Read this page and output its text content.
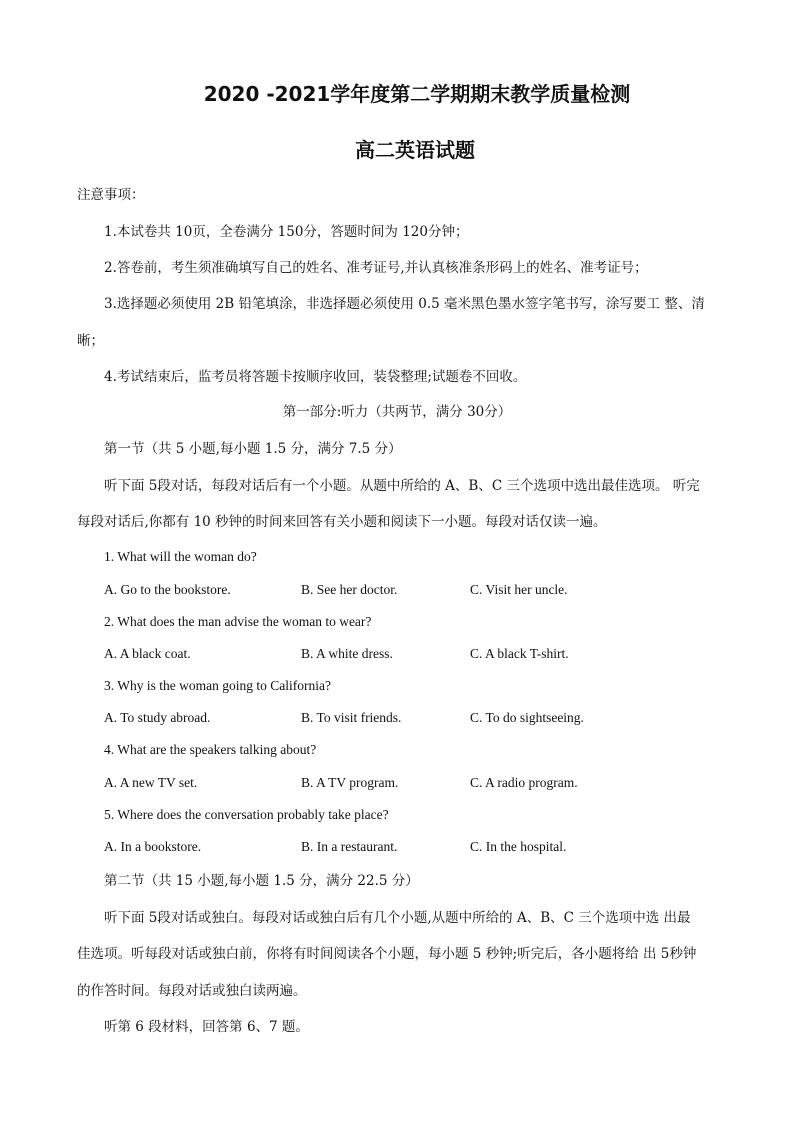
2020 -2021学年度第二学期期末教学质量检测
高二英语试题
注意事项：
1.本试卷共 10页，全卷满分 150分，答题时间为 120分钟；
2.答卷前，考生须准确填写自己的姓名、准考证号,并认真核准条形码上的姓名、准考证号；
3.选择题必须使用 2B 铅笔填涂，非选择题必须使用 0.5 毫米黑色墨水签字笔书写，涂写要工 整、清
晰；
4.考试结束后，监考员将答题卡按顺序收回，装袋整理;试题卷不回收。
第一部分:听力（共两节，满分 30分）
第一节（共 5 小题,每小题 1.5 分，满分 7.5 分）
听下面 5段对话，每段对话后有一个小题。从题中所给的 A、B、C 三个选项中选出最佳选项。 听完
每段对话后,你都有 10 秒钟的时间来回答有关小题和阅读下一小题。每段对话仅读一遍。
1. What will the woman do?
A. Go to the bookstore.	B. See her doctor.	C. Visit her uncle.
2. What does the man advise the woman to wear?
A. A black coat.	B. A white dress.	C. A black T-shirt.
3. Why is the woman going to California?
A. To study abroad.	B. To visit friends.	C. To do sightseeing.
4. What are the speakers talking about?
A. A new TV set.	B. A TV program.	C. A radio program.
5. Where does the conversation probably take place?
A. In a bookstore.	B. In a restaurant.	C. In the hospital.
第二节（共 15 小题,每小题 1.5 分，满分 22.5 分）
听下面 5段对话或独白。每段对话或独白后有几个小题,从题中所给的 A、B、C 三个选项中选 出最
佳选项。听每段对话或独白前，你将有时间阅读各个小题，每小题 5 秒钟;听完后，各小题将给 出 5秒钟
的作答时间。每段对话或独白读两遍。
听第 6 段材料，回答第 6、7 题。
